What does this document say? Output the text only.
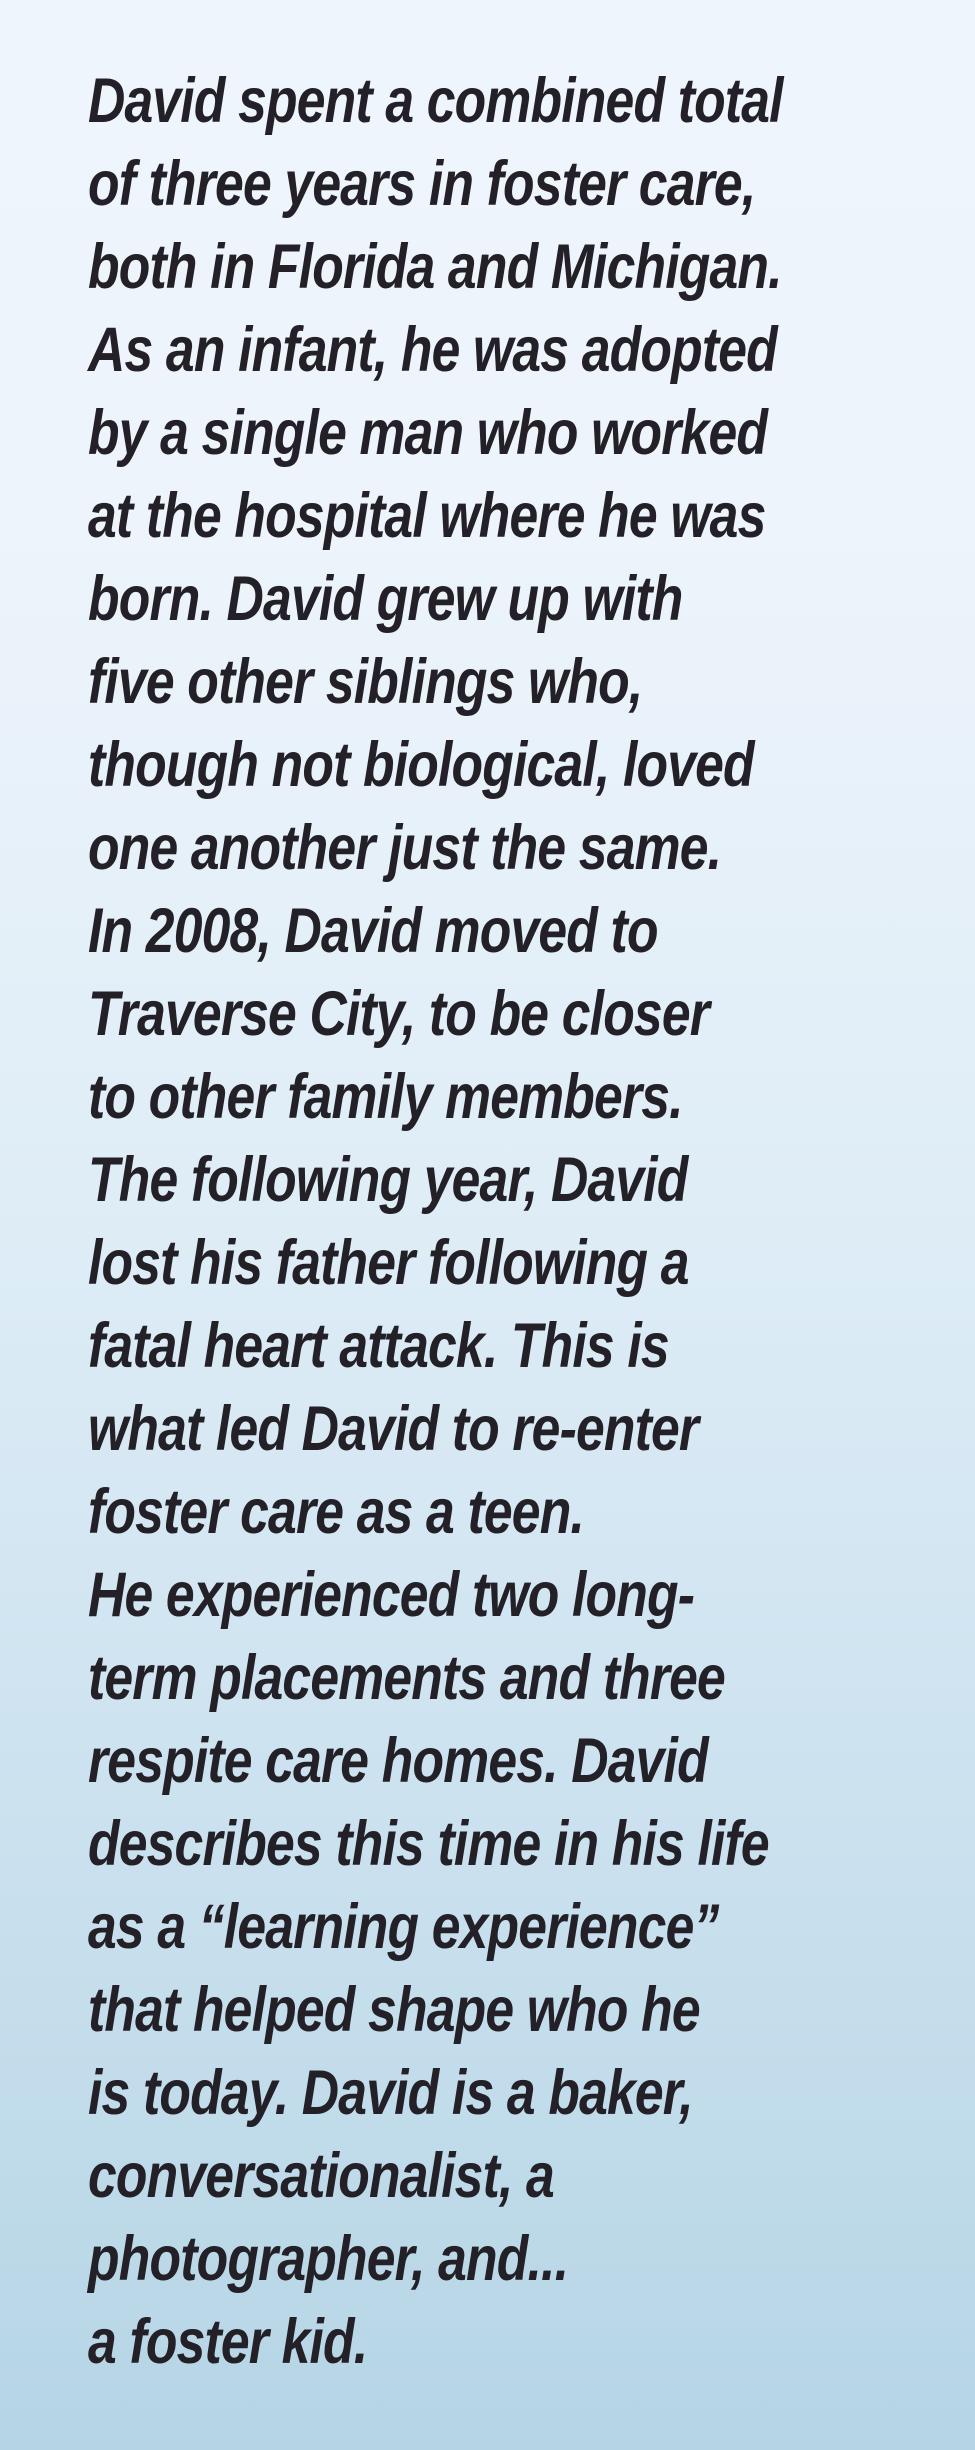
David spent a combined total
of three years in foster care,
both in Florida and Michigan.
As an infant, he was adopted
by a single man who worked
at the hospital where he was
born. David grew up with
five other siblings who,
though not biological, loved
one another just the same.
In 2008, David moved to
Traverse City, to be closer
to other family members.
The following year, David
lost his father following a
fatal heart attack. This is
what led David to re-enter
foster care as a teen.
He experienced two long-
term placements and three
respite care homes. David
describes this time in his life
as a “learning experience”
that helped shape who he
is today. David is a baker,
conversationalist, a
photographer, and...
a foster kid.
